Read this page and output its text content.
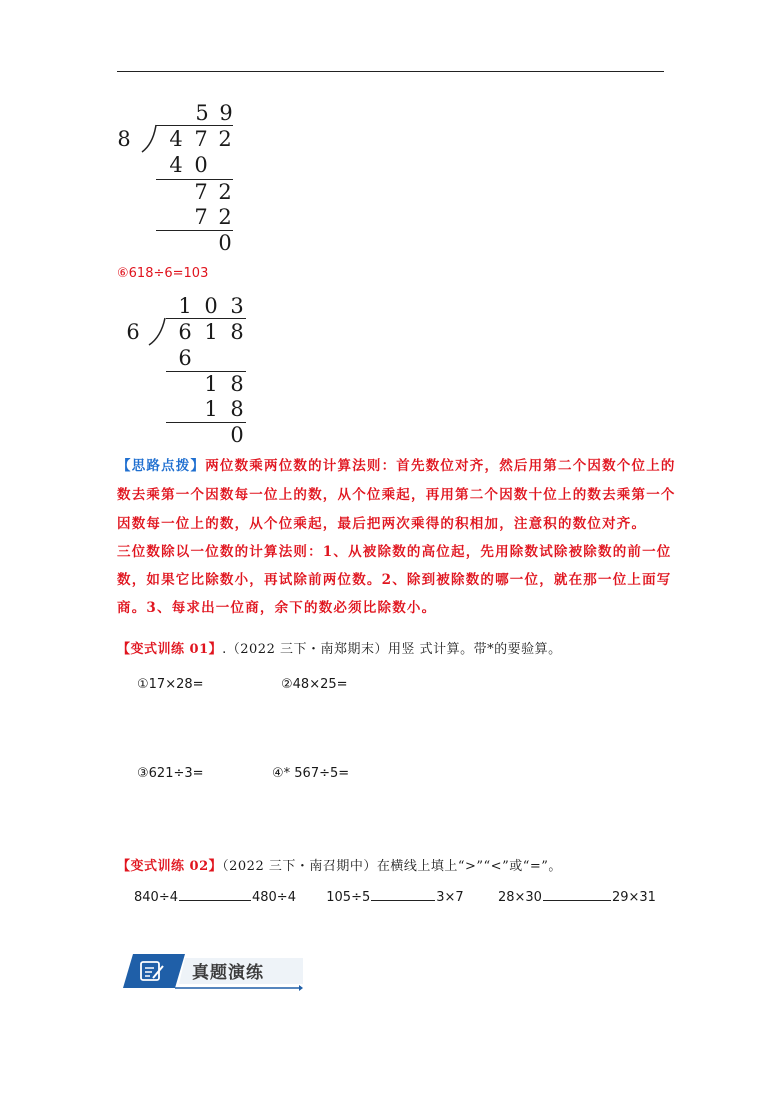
8
5 9
4 7 2
4 0
7 2
7 2
0
⑥618÷6=103
6
1 0 3
6 1 8
6
1 8
1 8
0
【思路点拨】两位数乘两位数的计算法则：首先数位对齐，然后用第二个因数个位上的
数去乘第一个因数每一位上的数，从个位乘起，再用第二个因数十位上的数去乘第一个
因数每一位上的数，从个位乘起，最后把两次乘得的积相加，注意积的数位对齐。
三位数除以一位数的计算法则：1、从被除数的高位起，先用除数试除被除数的前一位
数，如果它比除数小，再试除前两位数。2、除到被除数的哪一位，就在那一位上面写
商。3、每求出一位商，余下的数必须比除数小。
【变式训练 01】.（2022 三下・南郑期末）用竖 式计算。带*的要验算。
①17×28=	②48×25=
③621÷3=	④* 567÷5=
【变式训练 02】（2022 三下・南召期中）在横线上填上“>”“<”或“=”。
840÷4	480÷4 105÷5	3×7	28×30	29×31
真题演练
